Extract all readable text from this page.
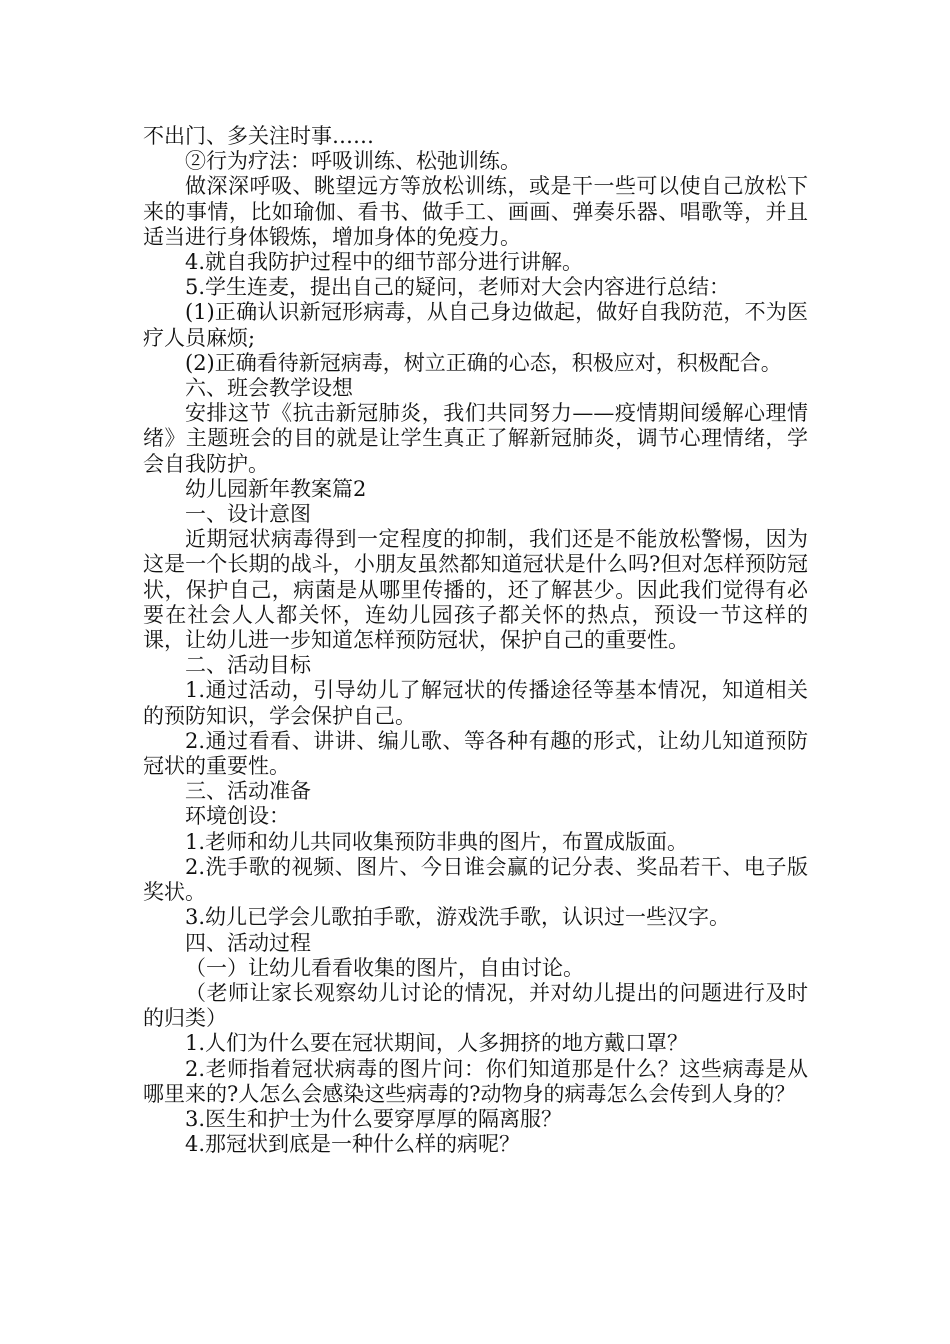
不出门、多关注时事……

②行为疗法：呼吸训练、松弛训练。

做深深呼吸、眺望远方等放松训练，或是干一些可以使自己放松下来的事情，比如瑜伽、看书、做手工、画画、弹奏乐器、唱歌等，并且适当进行身体锻炼，增加身体的免疫力。

4.就自我防护过程中的细节部分进行讲解。

5.学生连麦，提出自己的疑问，老师对大会内容进行总结：

(1)正确认识新冠形病毒，从自己身边做起，做好自我防范，不为医疗人员麻烦;

(2)正确看待新冠病毒，树立正确的心态，积极应对，积极配合。

六、班会教学设想

安排这节《抗击新冠肺炎，我们共同努力——疫情期间缓解心理情绪》主题班会的目的就是让学生真正了解新冠肺炎，调节心理情绪，学会自我防护。

幼儿园新年教案篇2

一、设计意图

近期冠状病毒得到一定程度的抑制，我们还是不能放松警惕，因为这是一个长期的战斗，小朋友虽然都知道冠状是什么吗?但对怎样预防冠状，保护自己，病菌是从哪里传播的，还了解甚少。因此我们觉得有必要在社会人人都关怀，连幼儿园孩子都关怀的热点，预设一节这样的课，让幼儿进一步知道怎样预防冠状，保护自己的重要性。

二、活动目标

1.通过活动，引导幼儿了解冠状的传播途径等基本情况，知道相关的预防知识，学会保护自己。

2.通过看看、讲讲、编儿歌、等各种有趣的形式，让幼儿知道预防冠状的重要性。

三、活动准备

环境创设：

1.老师和幼儿共同收集预防非典的图片，布置成版面。

2.洗手歌的视频、图片、今日谁会赢的记分表、奖品若干、电子版奖状。

3.幼儿已学会儿歌拍手歌，游戏洗手歌，认识过一些汉字。

四、活动过程

（一）让幼儿看看收集的图片，自由讨论。

（老师让家长观察幼儿讨论的情况，并对幼儿提出的问题进行及时的归类）

1.人们为什么要在冠状期间，人多拥挤的地方戴口罩？

2.老师指着冠状病毒的图片问：你们知道那是什么？这些病毒是从哪里来的?人怎么会感染这些病毒的?动物身的病毒怎么会传到人身的？

3.医生和护士为什么要穿厚厚的隔离服？

4.那冠状到底是一种什么样的病呢？
